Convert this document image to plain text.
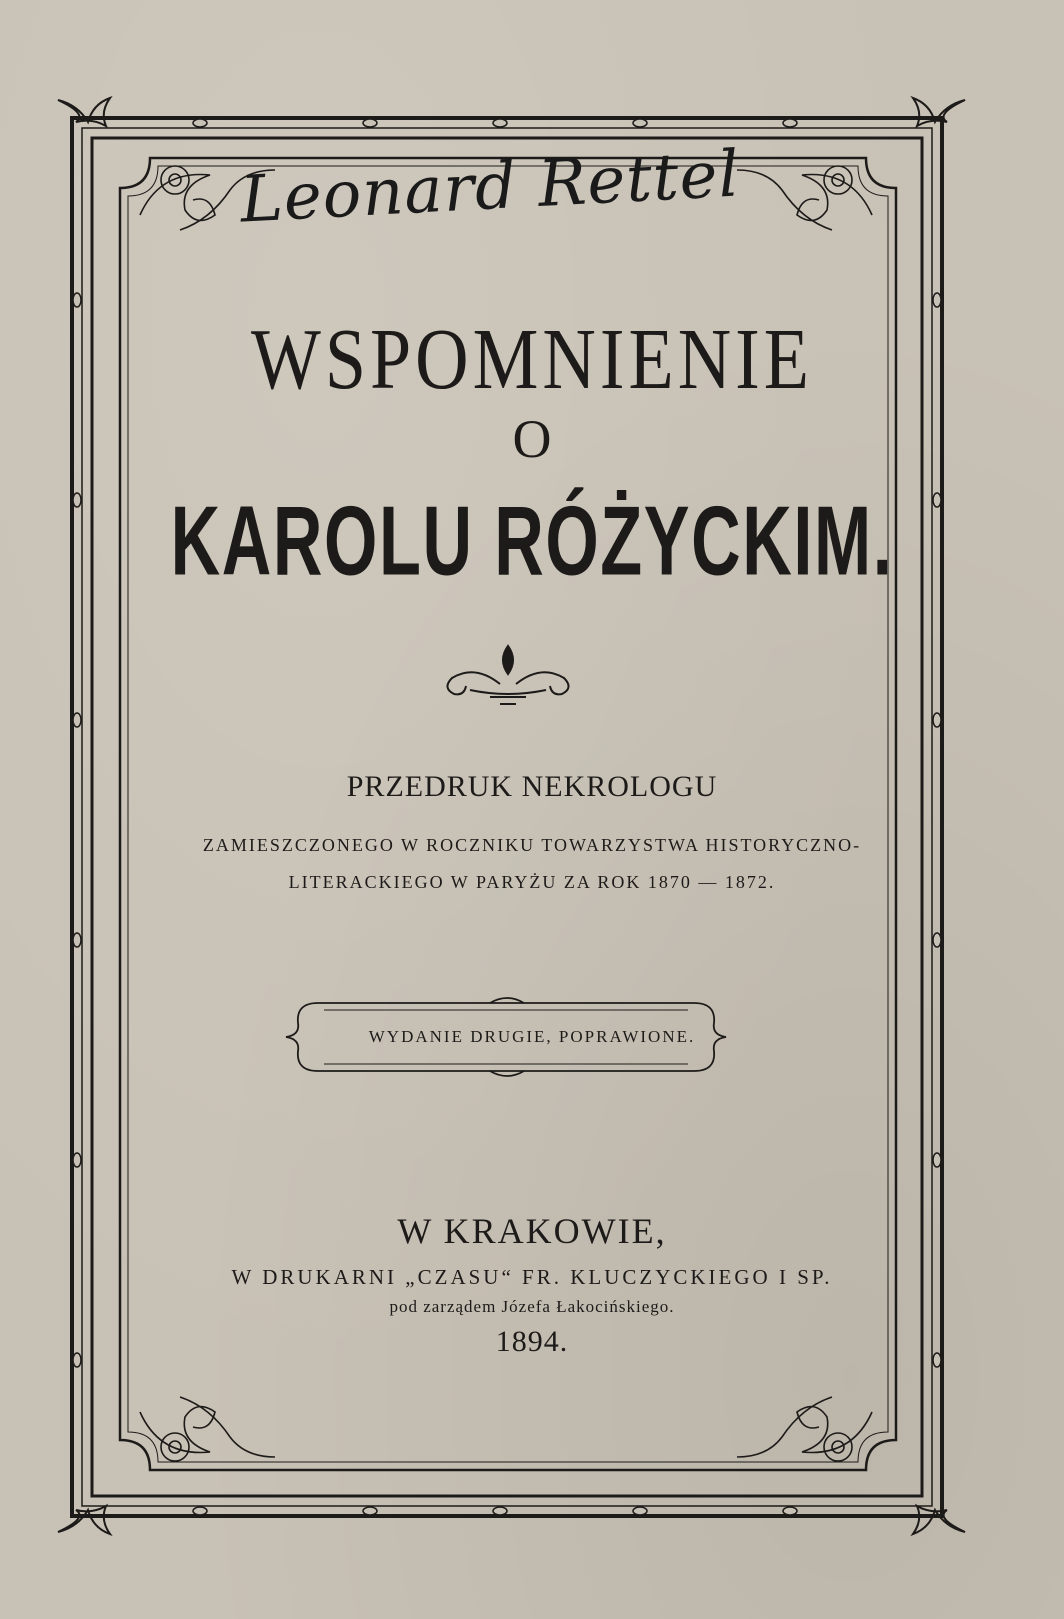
Leonard Rettel
WSPOMNIENIE
O
KAROLU RÓŻYCKIM.
PRZEDRUK NEKROLOGU
ZAMIESZCZONEGO W ROCZNIKU TOWARZYSTWA HISTORYCZNO-
LITERACKIEGO W PARYŻU ZA ROK 1870 — 1872.
WYDANIE DRUGIE, POPRAWIONE.
W KRAKOWIE,
W DRUKARNI „CZASU“ FR. KLUCZYCKIEGO I SP.
pod zarządem Józefa Łakocińskiego.
1894.
